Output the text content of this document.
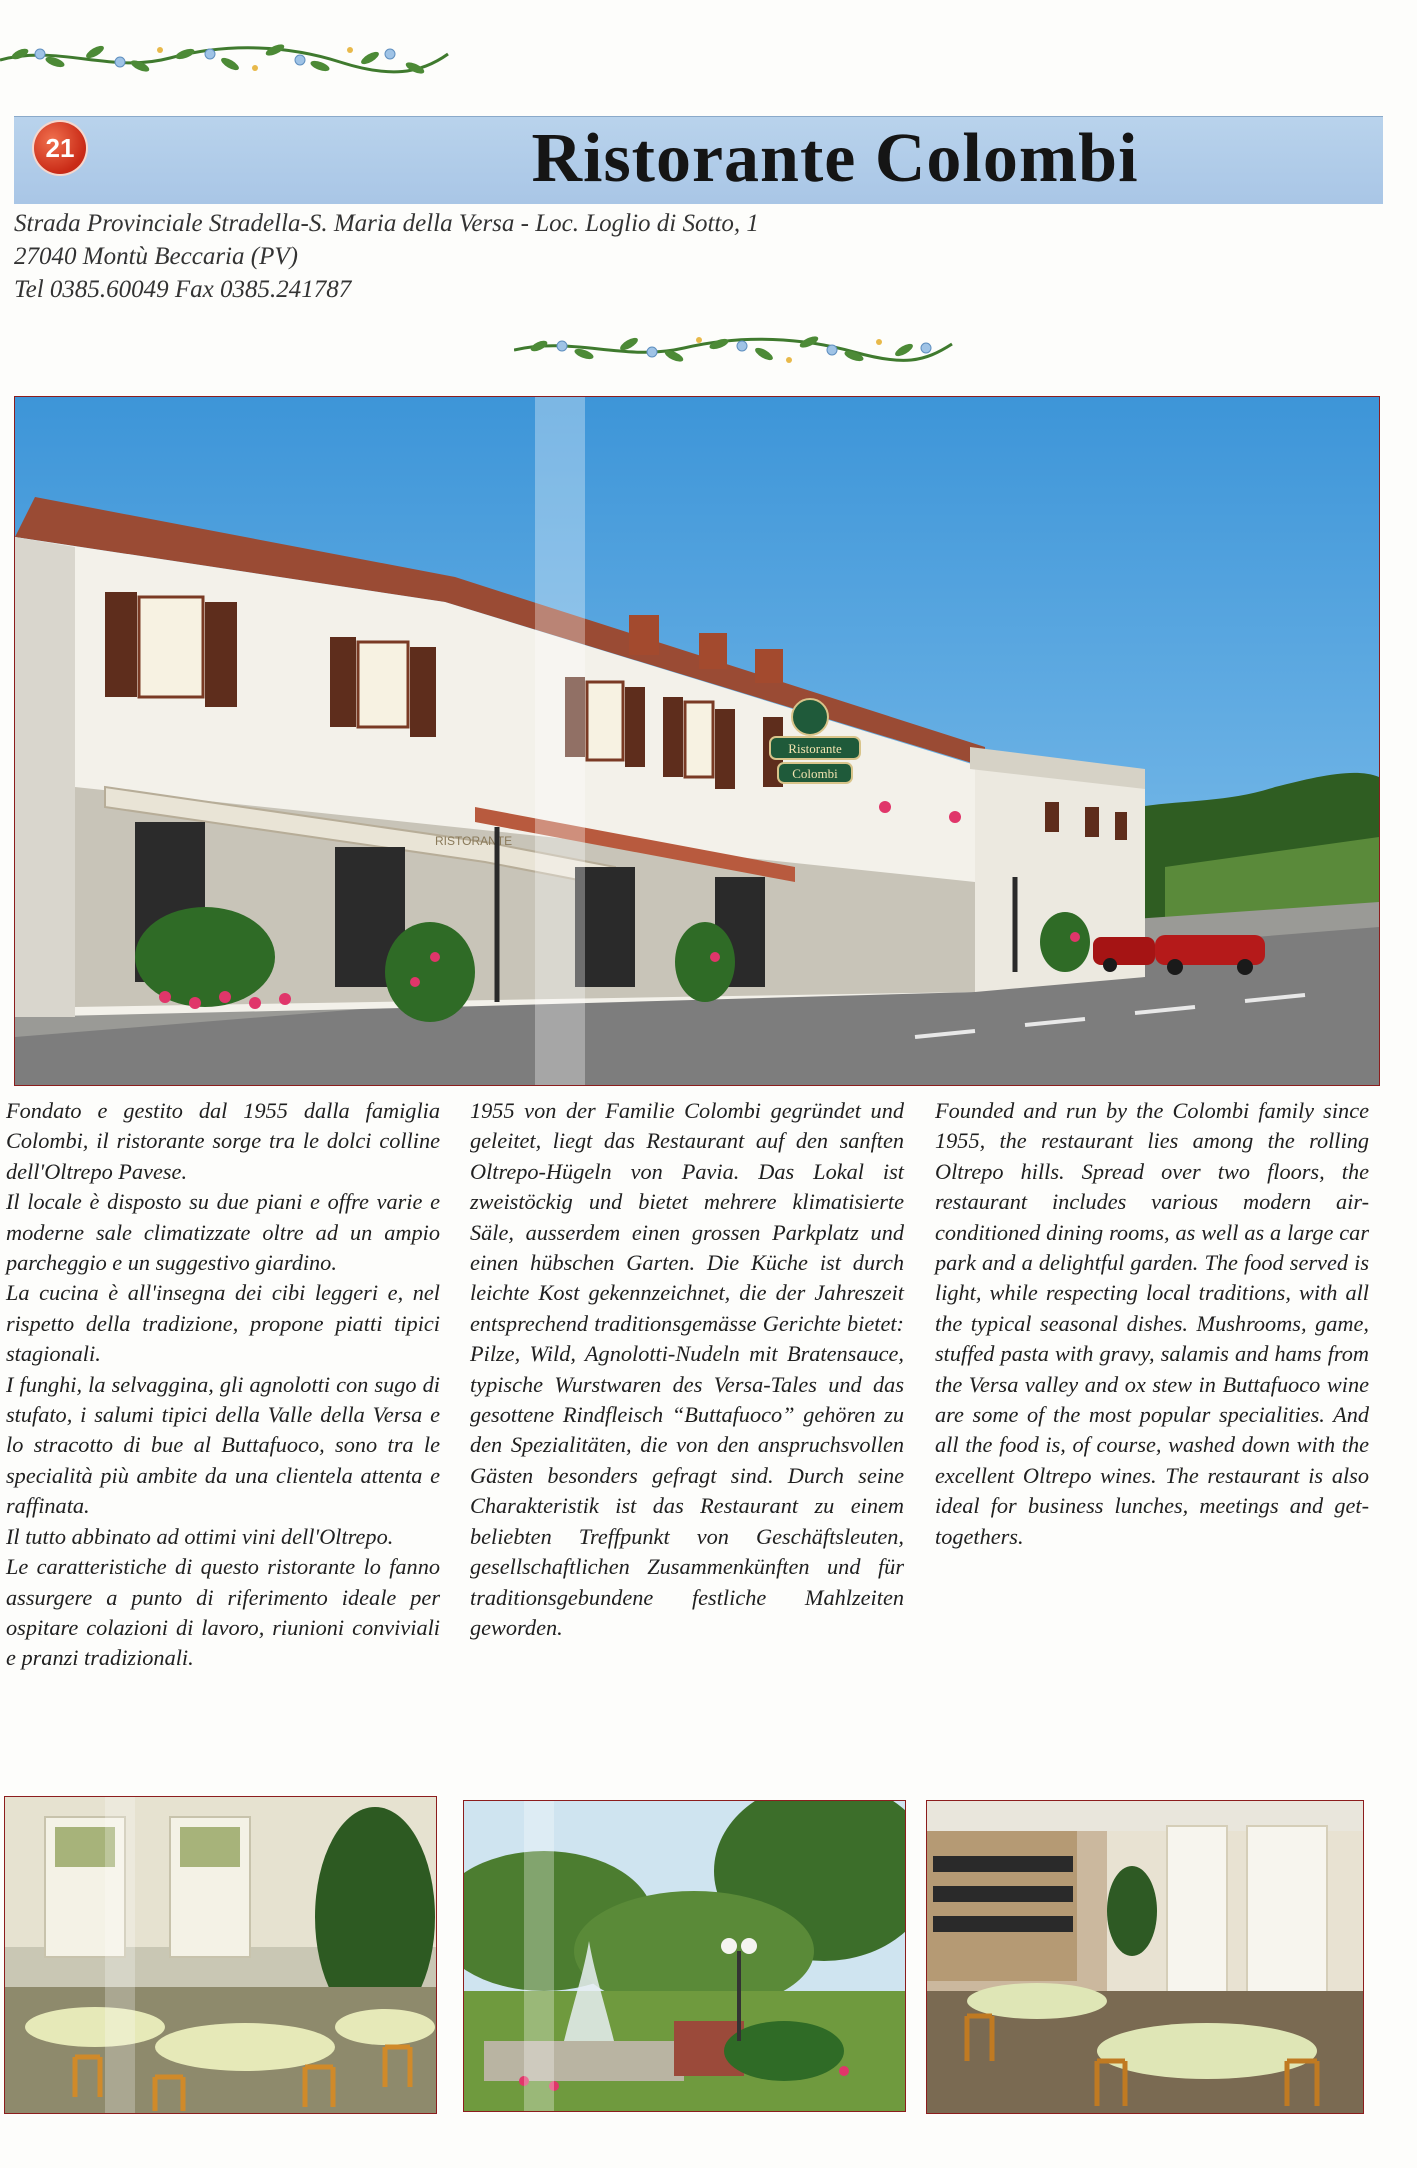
21	Ristorante Colombi
Strada Provinciale Stradella-S. Maria della Versa - Loc. Loglio di Sotto, 1
27040 Montù Beccaria (PV)
Tel 0385.60049 Fax 0385.241787
Ristorante
Colombi
RISTORANTE

Fondato e gestito dal 1955 dalla famiglia Colombi, il ristorante sorge tra le dolci colline dell'Oltrepo Pavese.

Il locale è disposto su due piani e offre varie e moderne sale climatizzate oltre ad un ampio parcheggio e un suggestivo giardino.

La cucina è all'insegna dei cibi leggeri e, nel rispetto della tradizione, propone piatti tipici stagionali.

I funghi, la selvaggina, gli agnolotti con sugo di stufato, i salumi tipici della Valle della Versa e lo stracotto di bue al Buttafuoco, sono tra le specialità più ambite da una clientela attenta e raffinata.

Il tutto abbinato ad ottimi vini dell'Oltrepo.

Le caratteristiche di questo ristorante lo fanno assurgere a punto di riferimento ideale per ospitare colazioni di lavoro, riunioni conviviali e pranzi tradizionali.

1955 von der Familie Colombi gegründet und geleitet, liegt das Restaurant auf den sanften Oltrepo-Hügeln von Pavia. Das Lokal ist zweistöckig und bietet mehrere klimatisierte Säle, ausserdem einen grossen Parkplatz und einen hübschen Garten. Die Küche ist durch leichte Kost gekennzeichnet, die der Jahreszeit entsprechend traditionsgemässe Gerichte bietet: Pilze, Wild, Agnolotti-Nudeln mit Bratensauce, typische Wurstwaren des Versa-Tales und das gesottene Rindfleisch “Buttafuoco” gehören zu den Spezialitäten, die von den anspruchsvollen Gästen besonders gefragt sind. Durch seine Charakteristik ist das Restaurant zu einem beliebten Treffpunkt von Geschäftsleuten, gesellschaftlichen Zusammenkünften und für traditionsgebundene festliche Mahlzeiten geworden.

Founded and run by the Colombi family since 1955, the restaurant lies among the rolling Oltrepo hills. Spread over two floors, the restaurant includes various modern air-conditioned dining rooms, as well as a large car park and a delightful garden. The food served is light, while respecting local traditions, with all the typical seasonal dishes. Mushrooms, game, stuffed pasta with gravy, salamis and hams from the Versa valley and ox stew in Buttafuoco wine are some of the most popular specialities. And all the food is, of course, washed down with the excellent Oltrepo wines. The restaurant is also ideal for business lunches, meetings and get-togethers.
